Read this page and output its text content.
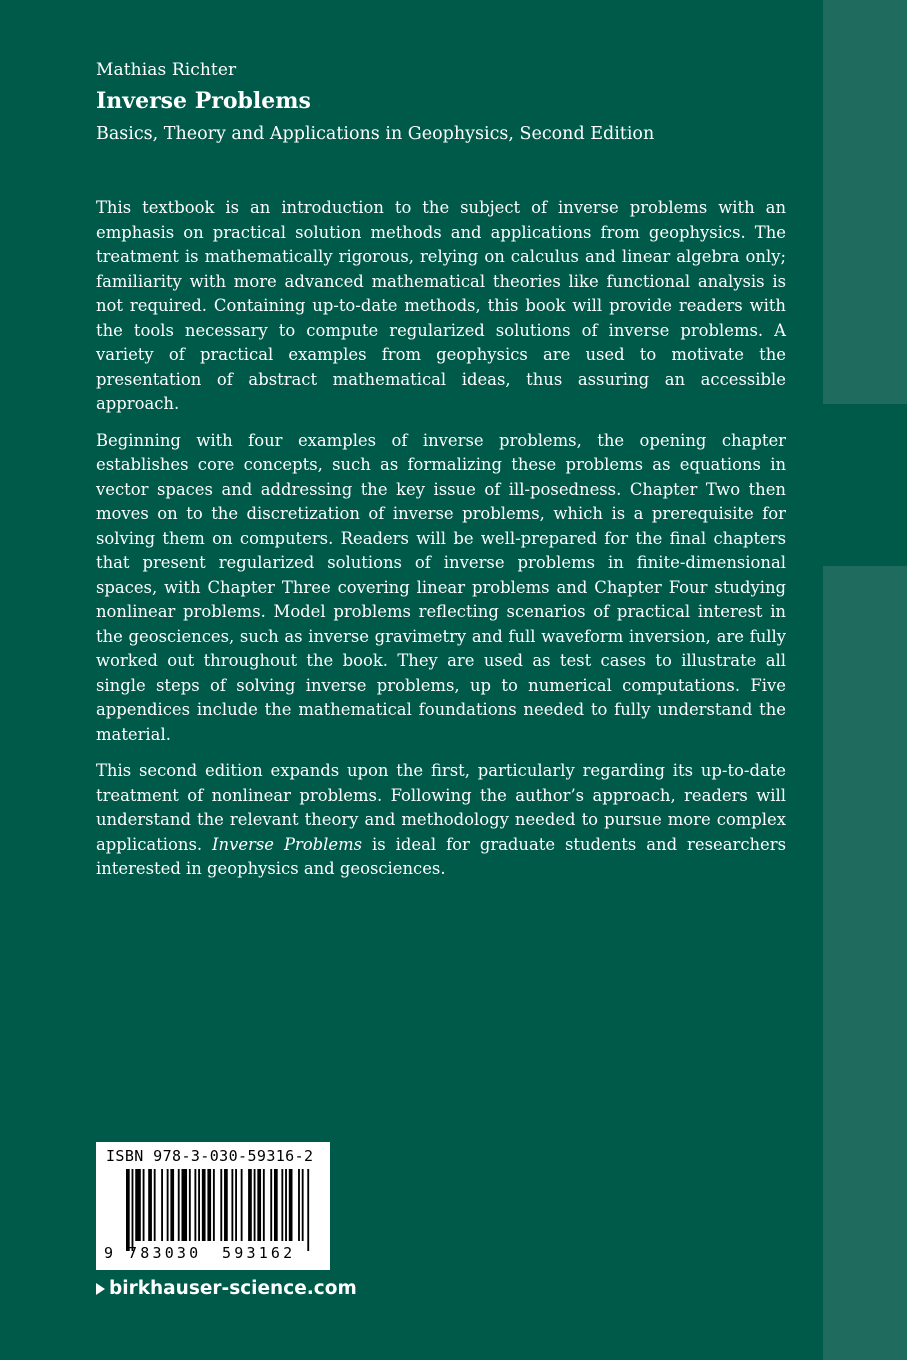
Mathias Richter

Inverse Problems

Basics, Theory and Applications in Geophysics, Second Edition

This textbook is an introduction to the subject of inverse problems with an emphasis on practical solution methods and applications from geophysics. The treatment is mathematically rigorous, relying on calculus and linear algebra only; familiarity with more advanced mathematical theories like functional analysis is not required. Containing up-to-date methods, this book will provide readers with the tools necessary to compute regularized solutions of inverse problems. A variety of practical examples from geophysics are used to motivate the presentation of abstract mathematical ideas, thus assuring an accessible approach.

Beginning with four examples of inverse problems, the opening chapter establishes core concepts, such as formalizing these problems as equations in vector spaces and addressing the key issue of ill-posedness. Chapter Two then moves on to the discretization of inverse problems, which is a prerequisite for solving them on computers. Readers will be well-prepared for the final chapters that present regularized solutions of inverse problems in finite-dimensional spaces, with Chapter Three covering linear problems and Chapter Four studying nonlinear problems. Model problems reflecting scenarios of practical interest in the geosciences, such as inverse gravimetry and full waveform inversion, are fully worked out throughout the book. They are used as test cases to illustrate all single steps of solving inverse problems, up to numerical computations. Five appendices include the mathematical foundations needed to fully understand the material.

This second edition expands upon the first, particularly regarding its up-to-date treatment of nonlinear problems. Following the author’s approach, readers will understand the relevant theory and methodology needed to pursue more complex applications. Inverse Problems is ideal for graduate students and researchers interested in geophysics and geosciences.

ISBN 978-3-030-59316-2
9 783030 593162
birkhauser-science.com
